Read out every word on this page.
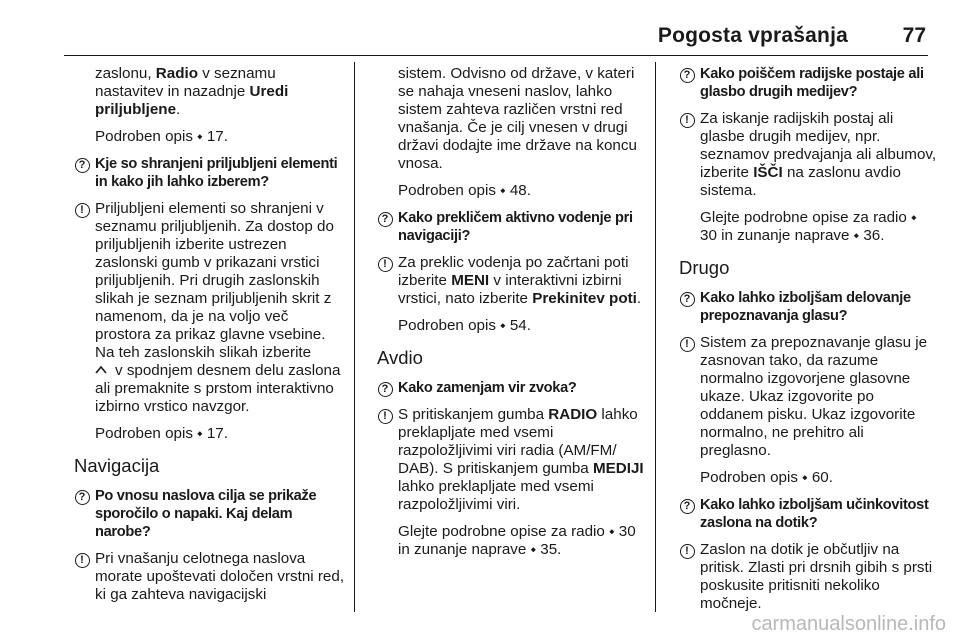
Pogosta vprašanja	77

zaslonu, Radio v seznamu nastavitev in nazadnje Uredi priljubljene.

Podroben opis ⬩ 17.

? Kje so shranjeni priljubljeni elementi in kako jih lahko izberem?
! Priljubljeni elementi so shranjeni v seznamu priljubljenih. Za dostop do priljubljenih izberite ustrezen zaslonski gumb v prikazani vrstici priljubljenih. Pri drugih zaslonskih slikah je seznam priljubljenih skrit z namenom, da je na voljo več prostora za prikaz glavne vsebine. Na teh zaslonskih slikah izberite
v spodnjem desnem delu zaslona ali premaknite s prstom interaktivno izbirno vrstico navzgor.

Podroben opis ⬩ 17.

Navigacija
? Po vnosu naslova cilja se prikaže sporočilo o napaki. Kaj delam narobe?
! Pri vnašanju celotnega naslova morate upoštevati določen vrstni red, ki ga zahteva navigacijski

sistem. Odvisno od države, v kateri se nahaja vneseni naslov, lahko sistem zahteva različen vrstni red vnašanja. Če je cilj vnesen v drugi državi dodajte ime države na koncu vnosa.

Podroben opis ⬩ 48.

? Kako prekličem aktivno vodenje pri navigaciji?
! Za preklic vodenja po začrtani poti izberite MENI v interaktivni izbirni vrstici, nato izberite Prekinitev poti.

Podroben opis ⬩ 54.

Avdio
? Kako zamenjam vir zvoka?
! S pritiskanjem gumba RADIO lahko preklapljate med vsemi razpoložljivimi viri radia (AM/FM/ DAB). S pritiskanjem gumba MEDIJI lahko preklapljate med vsemi razpoložljivimi viri.

Glejte podrobne opise za radio ⬩ 30 in zunanje naprave ⬩ 35.

? Kako poiščem radijske postaje ali glasbo drugih medijev?
! Za iskanje radijskih postaj ali glasbe drugih medijev, npr. seznamov predvajanja ali albumov, izberite IŠČI na zaslonu avdio sistema.

Glejte podrobne opise za radio ⬩ 30 in zunanje naprave ⬩ 36.

Drugo
? Kako lahko izboljšam delovanje prepoznavanja glasu?
! Sistem za prepoznavanje glasu je zasnovan tako, da razume normalno izgovorjene glasovne ukaze. Ukaz izgovorite po oddanem pisku. Ukaz izgovorite normalno, ne prehitro ali preglasno.

Podroben opis ⬩ 60.

? Kako lahko izboljšam učinkovitost zaslona na dotik?
! Zaslon na dotik je občutljiv na pritisk. Zlasti pri drsnih gibih s prsti poskusite pritisniti nekoliko močneje.
carmanualsonline.info
